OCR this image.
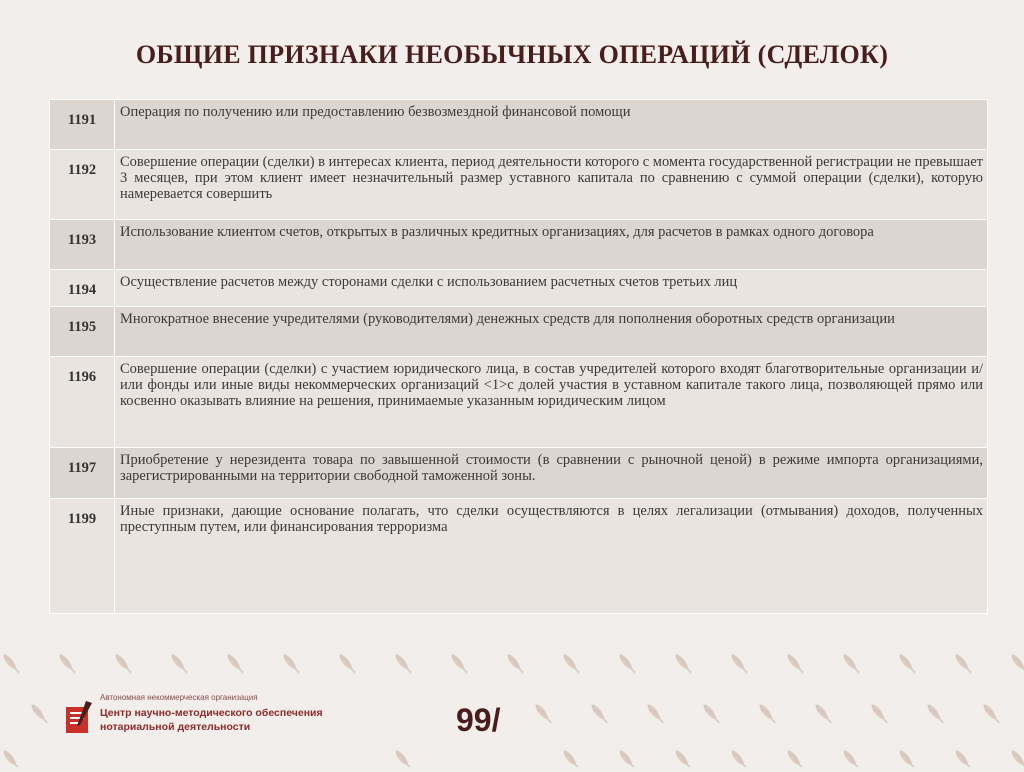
ОБЩИЕ ПРИЗНАКИ НЕОБЫЧНЫХ ОПЕРАЦИЙ (СДЕЛОК)
1191	Операция по получению или предоставлению безвозмездной финансовой помощи
1192	Совершение операции (сделки) в интересах клиента, период деятельности которого с момента государственной регистрации не превышает 3 месяцев, при этом клиент имеет незначительный размер уставного капитала по сравнению с суммой операции (сделки), которую намеревается совершить
1193	Использование клиентом счетов, открытых в различных кредитных организациях, для расчетов в рамках одного договора
1194	Осуществление расчетов между сторонами сделки с использованием расчетных счетов третьих лиц
1195	Многократное внесение учредителями (руководителями) денежных средств для пополнения оборотных средств организации
1196	Совершение операции (сделки) с участием юридического лица, в состав учредителей которого входят благотворительные организации и/или фонды или иные виды некоммерческих организаций <1>с долей участия в уставном капитале такого лица, позволяющей прямо или косвенно оказывать влияние на решения, принимаемые указанным юридическим лицом
1197	Приобретение у нерезидента товара по завышенной стоимости (в сравнении с рыночной ценой) в режиме импорта организациями, зарегистрированными на территории свободной таможенной зоны.
1199	Иные признаки, дающие основание полагать, что сделки осуществляются в целях легализации (отмывания) доходов, полученных преступным путем, или финансирования терроризма
Автономная некоммерческая организация
Центр научно-методического обеспечения
нотариальной деятельности	99/
